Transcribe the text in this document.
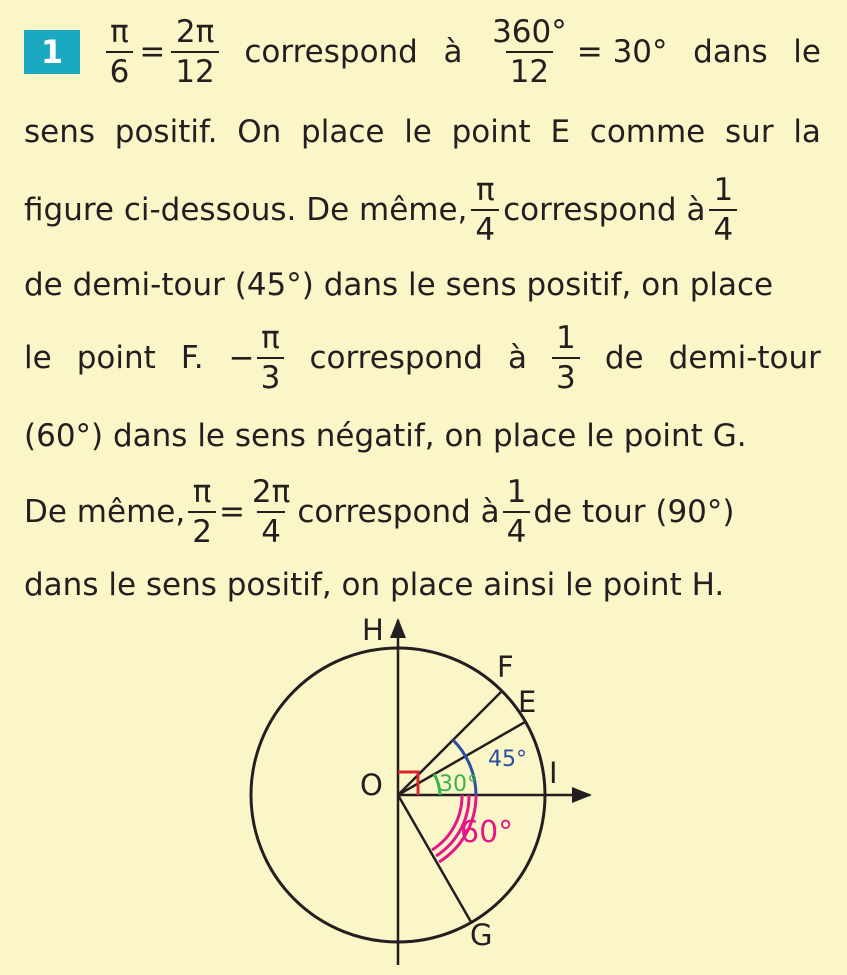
1	$\frac{\pi}{6} = \frac{2\pi}{12}$ correspond à $\frac{360^\circ}{12} = 30^\circ$ dans le
sens positif. On place le point E comme sur la
figure ci-dessous. De même, $\frac{\pi}{4}$ correspond à $\frac{1}{4}$
de demi-tour (45°) dans le sens positif, on place
le point F. − $\frac{\pi}{3}$ correspond à $\frac{1}{3}$ de demi-tour
(60°) dans le sens négatif, on place le point G.
De même, $\frac{\pi}{2} = \frac{2\pi}{4}$ correspond à $\frac{1}{4}$ de tour (90°)
dans le sens positif, on place ainsi le point H.
H
F
E
O	I
G
45°
30°
60°
